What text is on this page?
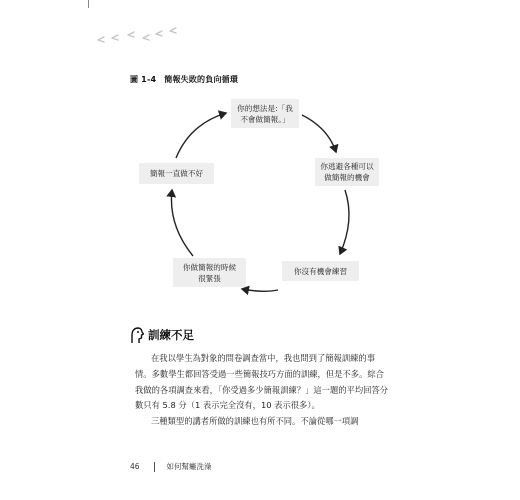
圖 1-4 簡報失敗的負向循環
你的想法是:「我
不會做簡報。」
你逃避各種可以
做簡報的機會
你沒有機會練習
你做簡報的時候
很緊張
簡報一直做不好
訓練不足

在我以學生為對象的問卷調查當中，我也問到了簡報訓練的事情。多數學生都回答受過一些簡報技巧方面的訓練，但是不多。綜合我做的各項調查來看，「你受過多少簡報訓練？」這一題的平均回答分數只有 5.8 分（1 表示完全沒有，10 表示很多）。

三種類型的講者所做的訓練也有所不同。不論從哪一項調

46	如何幫癱洗澡
